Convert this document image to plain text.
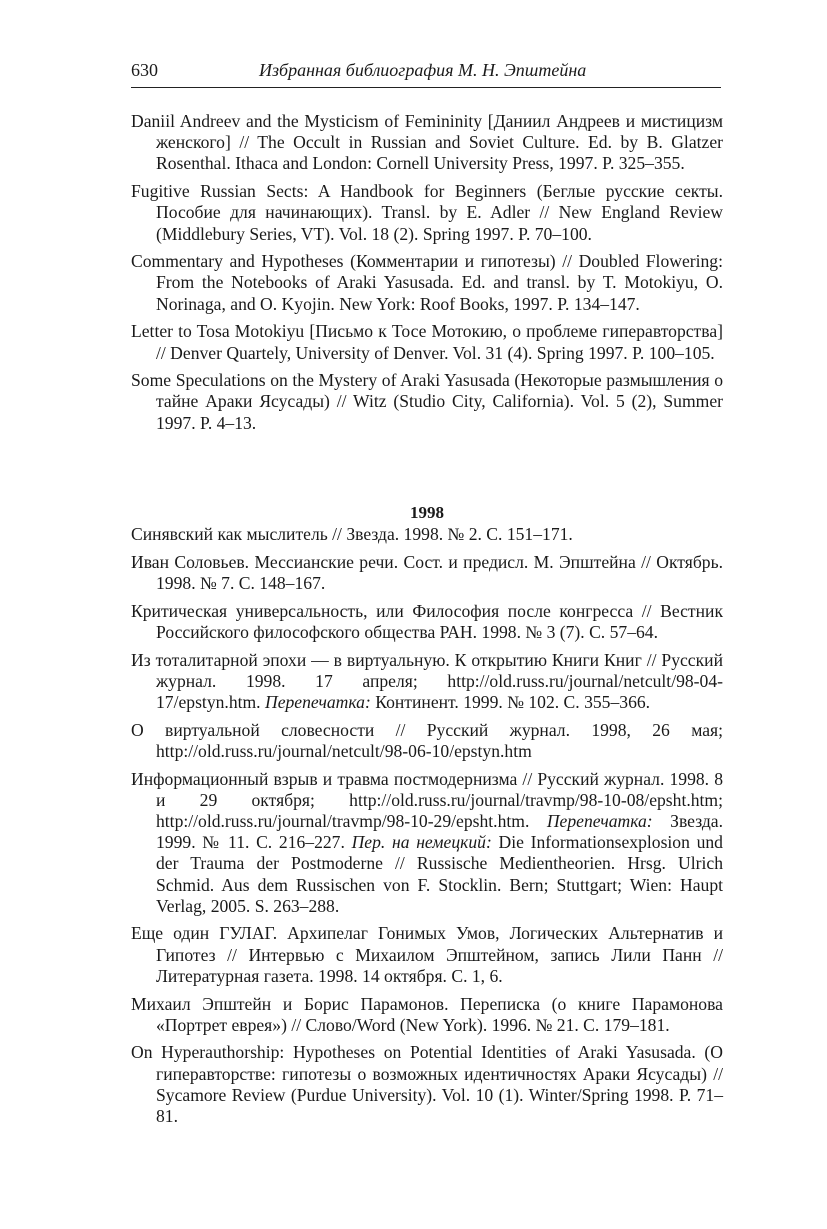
630	Избранная библиография М. Н. Эпштейна

Daniil Andreev and the Mysticism of Femininity [Даниил Андреев и мистицизм женского] // The Occult in Russian and Soviet Culture. Ed. by B. Glatzer Rosenthal. Ithaca and London: Cornell University Press, 1997. P. 325–355.

Fugitive Russian Sects: A Handbook for Beginners (Беглые русские секты. Пособие для начинающих). Transl. by E. Adler // New England Review (Middlebury Series, VT). Vol. 18 (2). Spring 1997. P. 70–100.

Commentary and Hypotheses (Комментарии и гипотезы) // Doubled Flowering: From the Notebooks of Araki Yasusada. Ed. and transl. by T. Motokiyu, O. Norinaga, and O. Kyojin. New York: Roof Books, 1997. P. 134–147.

Letter to Tosa Motokiyu [Письмо к Тосе Мотокию, о проблеме гиперавторства] // Denver Quartely, University of Denver. Vol. 31 (4). Spring 1997. P. 100–105.

Some Speculations on the Mystery of Araki Yasusada (Некоторые размышления о тайне Араки Ясусады) // Witz (Studio City, California). Vol. 5 (2), Summer 1997. P. 4–13.

1998

Синявский как мыслитель // Звезда. 1998. № 2. С. 151–171.

Иван Соловьев. Мессианские речи. Сост. и предисл. М. Эпштейна // Октябрь. 1998. № 7. С. 148–167.

Критическая универсальность, или Философия после конгресса // Вестник Российского философского общества РАН. 1998. № 3 (7). С. 57–64.

Из тоталитарной эпохи — в виртуальную. К открытию Книги Книг // Русский журнал. 1998. 17 апреля; http://old.russ.ru/journal/netcult/98-04-17/epstyn.htm. Перепечатка: Континент. 1999. № 102. С. 355–366.

О виртуальной словесности // Русский журнал. 1998, 26 мая; http://old.russ.ru/journal/netcult/98-06-10/epstyn.htm

Информационный взрыв и травма постмодернизма // Русский журнал. 1998. 8 и 29 октября; http://old.russ.ru/journal/travmp/98-10-08/epsht.htm; http://old.russ.ru/journal/travmp/98-10-29/epsht.htm. Перепечатка: Звезда. 1999. № 11. С. 216–227. Пер. на немецкий: Die Informationsexplosion und der Trauma der Postmoderne // Russische Medientheorien. Hrsg. Ulrich Schmid. Aus dem Russischen von F. Stocklin. Bern; Stuttgart; Wien: Haupt Verlag, 2005. S. 263–288.

Еще один ГУЛАГ. Архипелаг Гонимых Умов, Логических Альтернатив и Гипотез // Интервью с Михаилом Эпштейном, запись Лили Панн // Литературная газета. 1998. 14 октября. С. 1, 6.

Михаил Эпштейн и Борис Парамонов. Переписка (о книге Парамонова «Портрет еврея») // Слово/Word (New York). 1996. № 21. С. 179–181.

On Hyperauthorship: Hypotheses on Potential Identities of Araki Yasusada. (О гиперавторстве: гипотезы о возможных идентичностях Араки Ясусады) // Sycamore Review (Purdue University). Vol. 10 (1). Winter/Spring 1998. P. 71–81.
